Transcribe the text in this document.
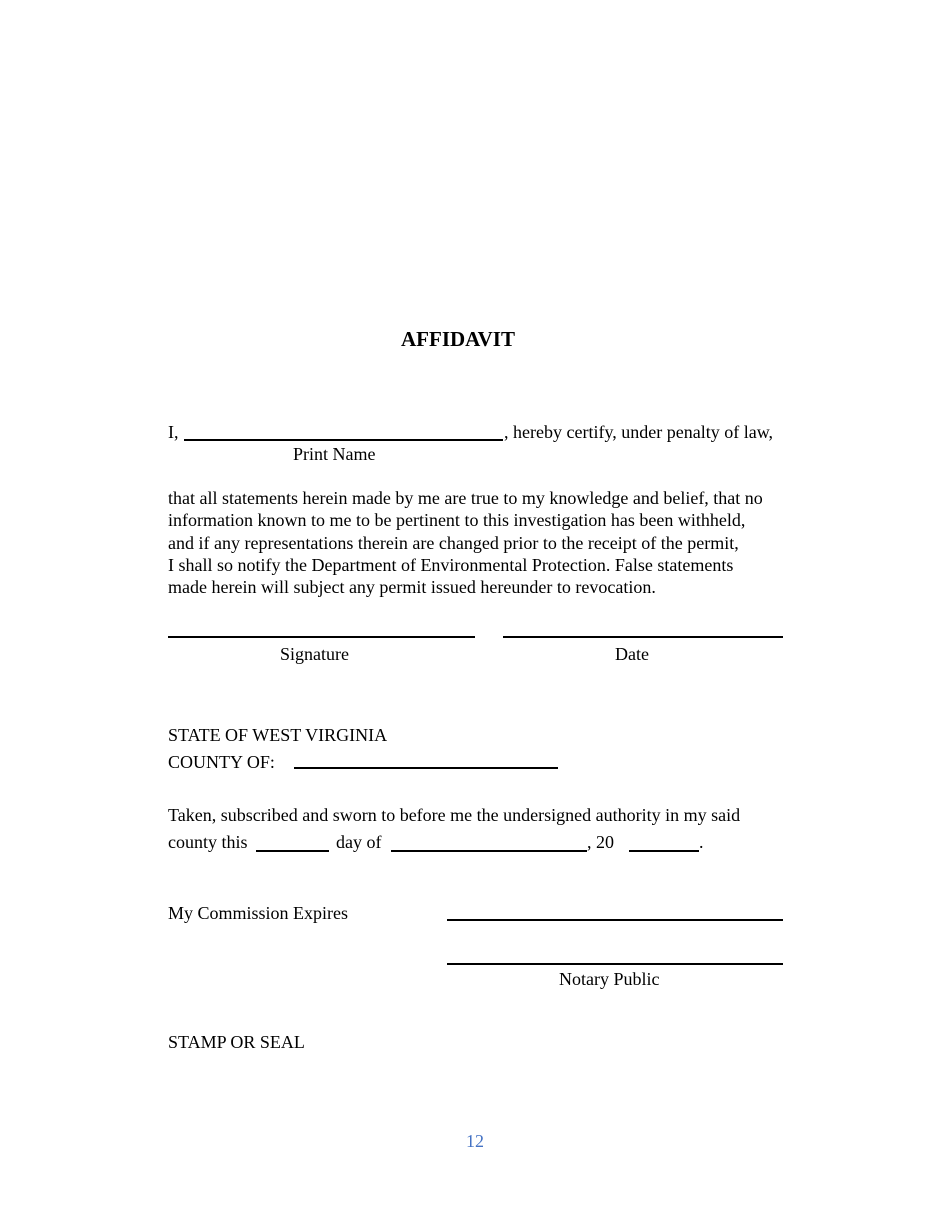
AFFIDAVIT
I,	, hereby certify, under penalty of law,
Print Name
that all statements herein made by me are true to my knowledge and belief, that no
information known to me to be pertinent to this investigation has been withheld,
and if any representations therein are changed prior to the receipt of the permit,
I shall so notify the Department of Environmental Protection. False statements
made herein will subject any permit issued hereunder to revocation.
Signature	Date
STATE OF WEST VIRGINIA
COUNTY OF:
Taken, subscribed and sworn to before me the undersigned authority in my said
county this	day of	, 20	.
My Commission Expires
Notary Public
STAMP OR SEAL
12
